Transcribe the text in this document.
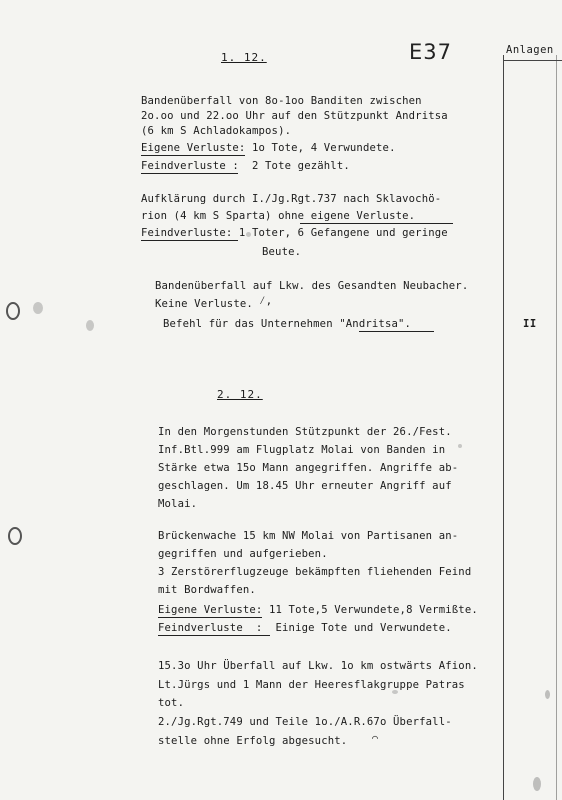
E37	Anlagen
II
1. 12.
Bandenüberfall von 8o-1oo Banditen zwischen
2o.oo und 22.oo Uhr auf den Stützpunkt Andritsa
(6 km S Achladokampos).
Eigene Verluste: 1o Tote, 4 Verwundete.
Feindverluste :  2 Tote gezählt.
Aufklärung durch I./Jg.Rgt.737 nach Sklavochö-
rion (4 km S Sparta) ohne eigene Verluste.
Feindverluste: 1 Toter, 6 Gefangene und geringe
Beute.
Bandenüberfall auf Lkw. des Gesandten Neubacher.
Keine Verluste. ⁄,
Befehl für das Unternehmen "Andritsa".
2. 12.
In den Morgenstunden Stützpunkt der 26./Fest.
Inf.Btl.999 am Flugplatz Molai von Banden in
Stärke etwa 15o Mann angegriffen. Angriffe ab-
geschlagen. Um 18.45 Uhr erneuter Angriff auf
Molai.
Brückenwache 15 km NW Molai von Partisanen an-
gegriffen und aufgerieben.
3 Zerstörerflugzeuge bekämpften fliehenden Feind
mit Bordwaffen.
Eigene Verluste: 11 Tote,5 Verwundete,8 Vermißte.
Feindverluste  :  Einige Tote und Verwundete.
15.3o Uhr Überfall auf Lkw. 1o km ostwärts Afion.
Lt.Jürgs und 1 Mann der Heeresflakgruppe Patras
tot.
2./Jg.Rgt.749 und Teile 1o./A.R.67o Überfall-
stelle ohne Erfolg abgesucht. ⌒
